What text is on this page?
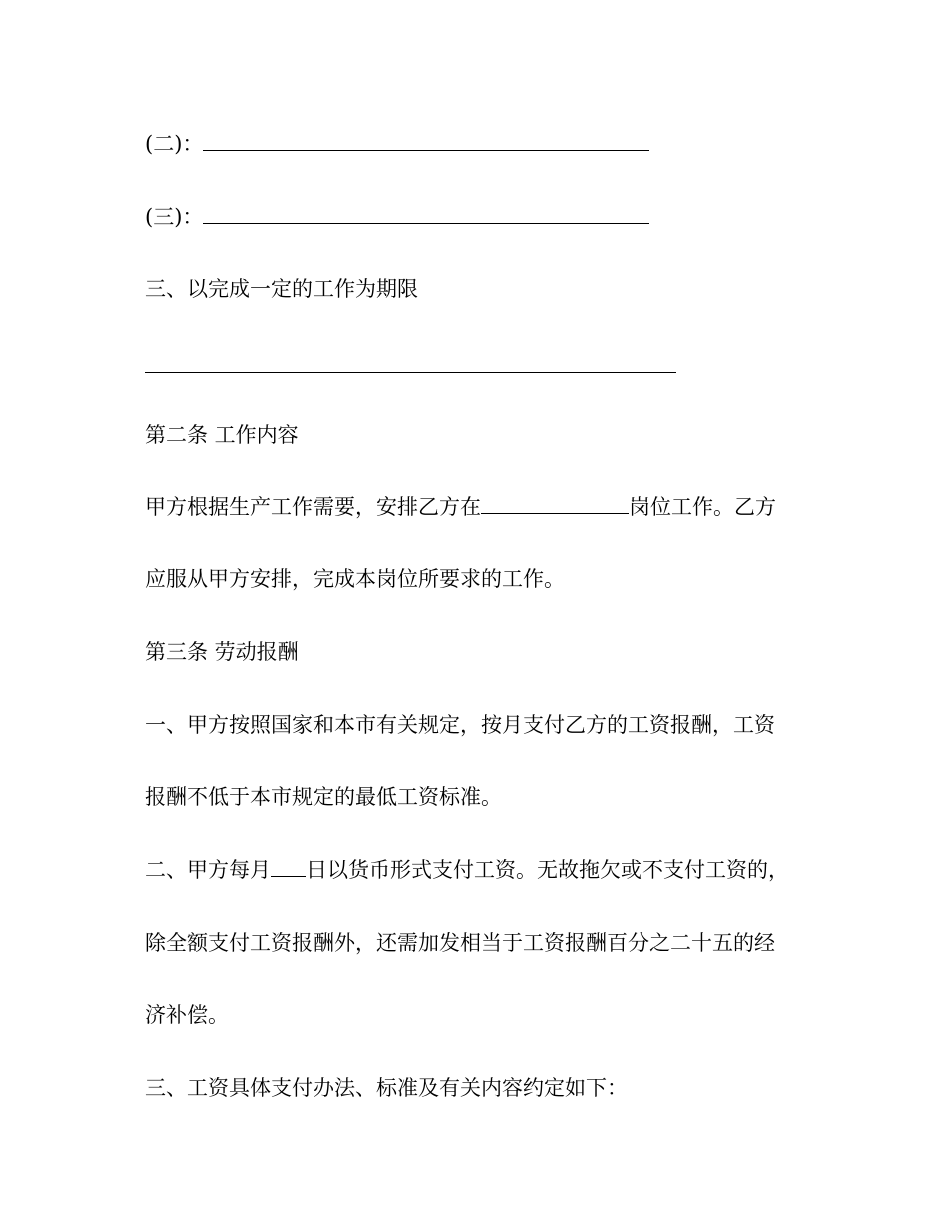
(二)：
(三)：
三、以完成一定的工作为期限
第二条 工作内容
甲方根据生产工作需要，安排乙方在	岗位工作。乙方
应服从甲方安排，完成本岗位所要求的工作。
第三条 劳动报酬
一、甲方按照国家和本市有关规定，按月支付乙方的工资报酬，工资
报酬不低于本市规定的最低工资标准。
二、甲方每月 日以货币形式支付工资。无故拖欠或不支付工资的，
除全额支付工资报酬外，还需加发相当于工资报酬百分之二十五的经
济补偿。
三、工资具体支付办法、标准及有关内容约定如下：
